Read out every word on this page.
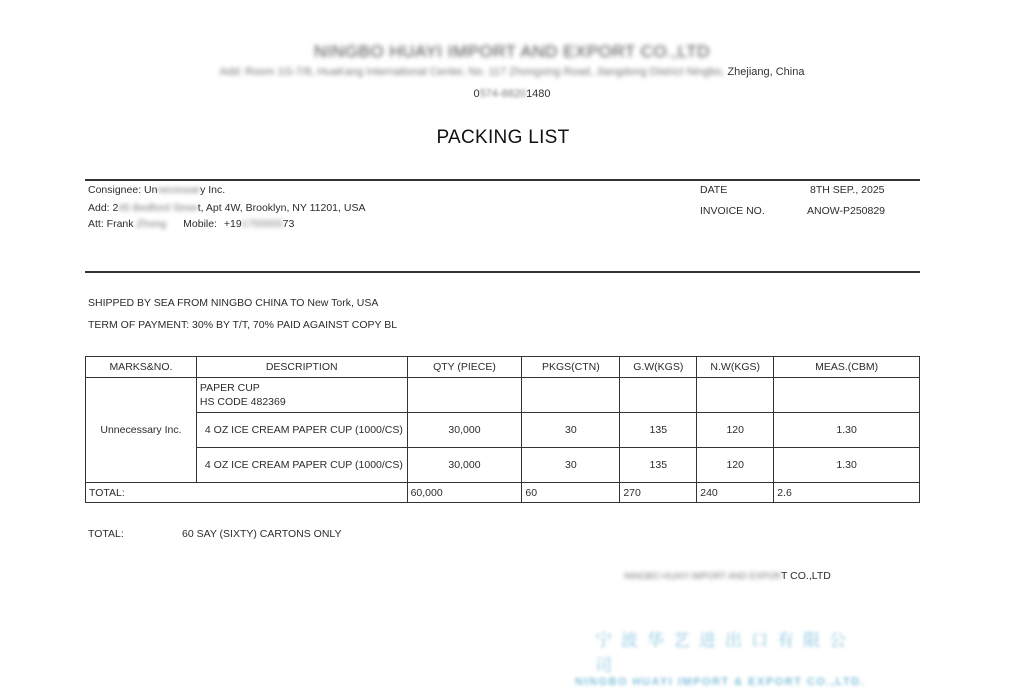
NINGBO HUAYI IMPORT AND EXPORT CO.,LTD
Add: Room 1G-7/8, HuaKang International Center, No. 117 Zhongxing Road, Jiangdong District Ningbo, Zhejiang, China
0574-88201480
PACKING LIST
Consignee: Unnecessary Inc.
Add: 245 Bedford Street, Apt 4W, Brooklyn, NY 11201, USA
Att: Frank Zhong Mobile: +19175555573
DATE	8TH SEP., 2025
INVOICE NO.	ANOW-P250829
SHIPPED BY SEA FROM NINGBO CHINA TO New Tork, USA
TERM OF PAYMENT: 30% BY T/T, 70% PAID AGAINST COPY BL
MARKS&NO.	DESCRIPTION	QTY (PIECE)	PKGS(CTN)	G.W(KGS)	N.W(KGS)	MEAS.(CBM)
Unnecessary Inc.	PAPER CUP
HS CODE 482369					

	4 OZ ICE CREAM PAPER CUP (1000/CS)	30,000	30	135	120	1.30
	4 OZ ICE CREAM PAPER CUP (1000/CS)	30,000	30	135	120	1.30
TOTAL:		60,000	60	270	240	2.6
TOTAL:	60 SAY (SIXTY) CARTONS ONLY
NINGBO HUAYI IMPORT AND EXPORT CO.,LTD
宁波华艺进出口有限公司
NINGBO HUAYI IMPORT & EXPORT CO.,LTD.
